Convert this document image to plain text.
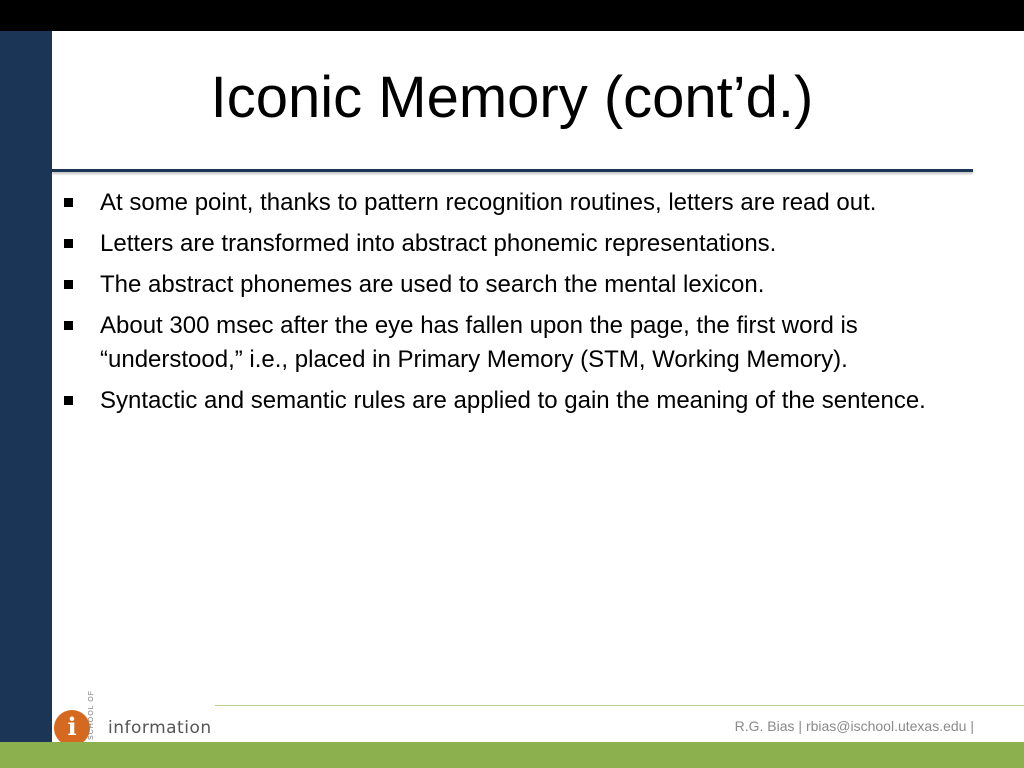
Iconic Memory (cont’d.)
At some point, thanks to pattern recognition routines, letters are read out.
Letters are transformed into abstract phonemic representations.
The abstract phonemes are used to search the mental lexicon.
About 300 msec after the eye has fallen upon the page, the first word is “understood,” i.e., placed in Primary Memory (STM, Working Memory).
Syntactic and semantic rules are applied to gain the meaning of the sentence.
i	SCHOOL OF information	R.G. Bias | rbias@ischool.utexas.edu |
